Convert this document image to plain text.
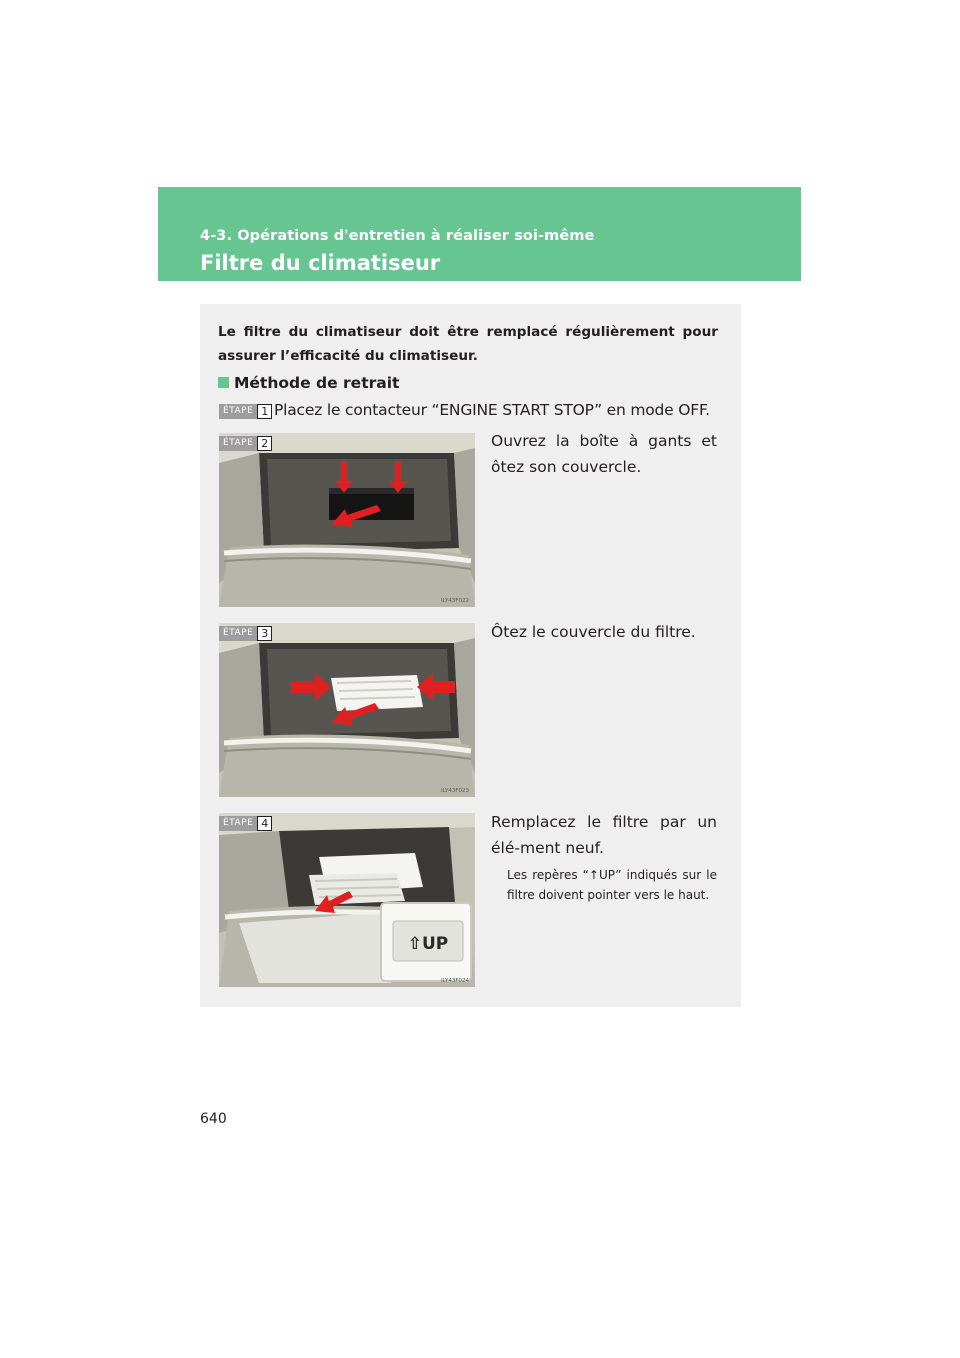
4-3. Opérations d'entretien à réaliser soi-même
Filtre du climatiseur
Le filtre du climatiseur doit être remplacé régulièrement pour assurer l’efficacité du climatiseur.
Méthode de retrait
ÉTAPE 1 Placez le contacteur “ENGINE START STOP” en mode OFF.
ÉTAPE 2
ILY43F022
Ouvrez la boîte à gants et ôtez son couvercle.
ÉTAPE 3
ILY43F023
Ôtez le couvercle du filtre.
⇧UP
ÉTAPE 4
ILY43F024
Remplacez le filtre par un élé-ment neuf.
Les repères “↑UP” indiqués sur le filtre doivent pointer vers le haut.
640
